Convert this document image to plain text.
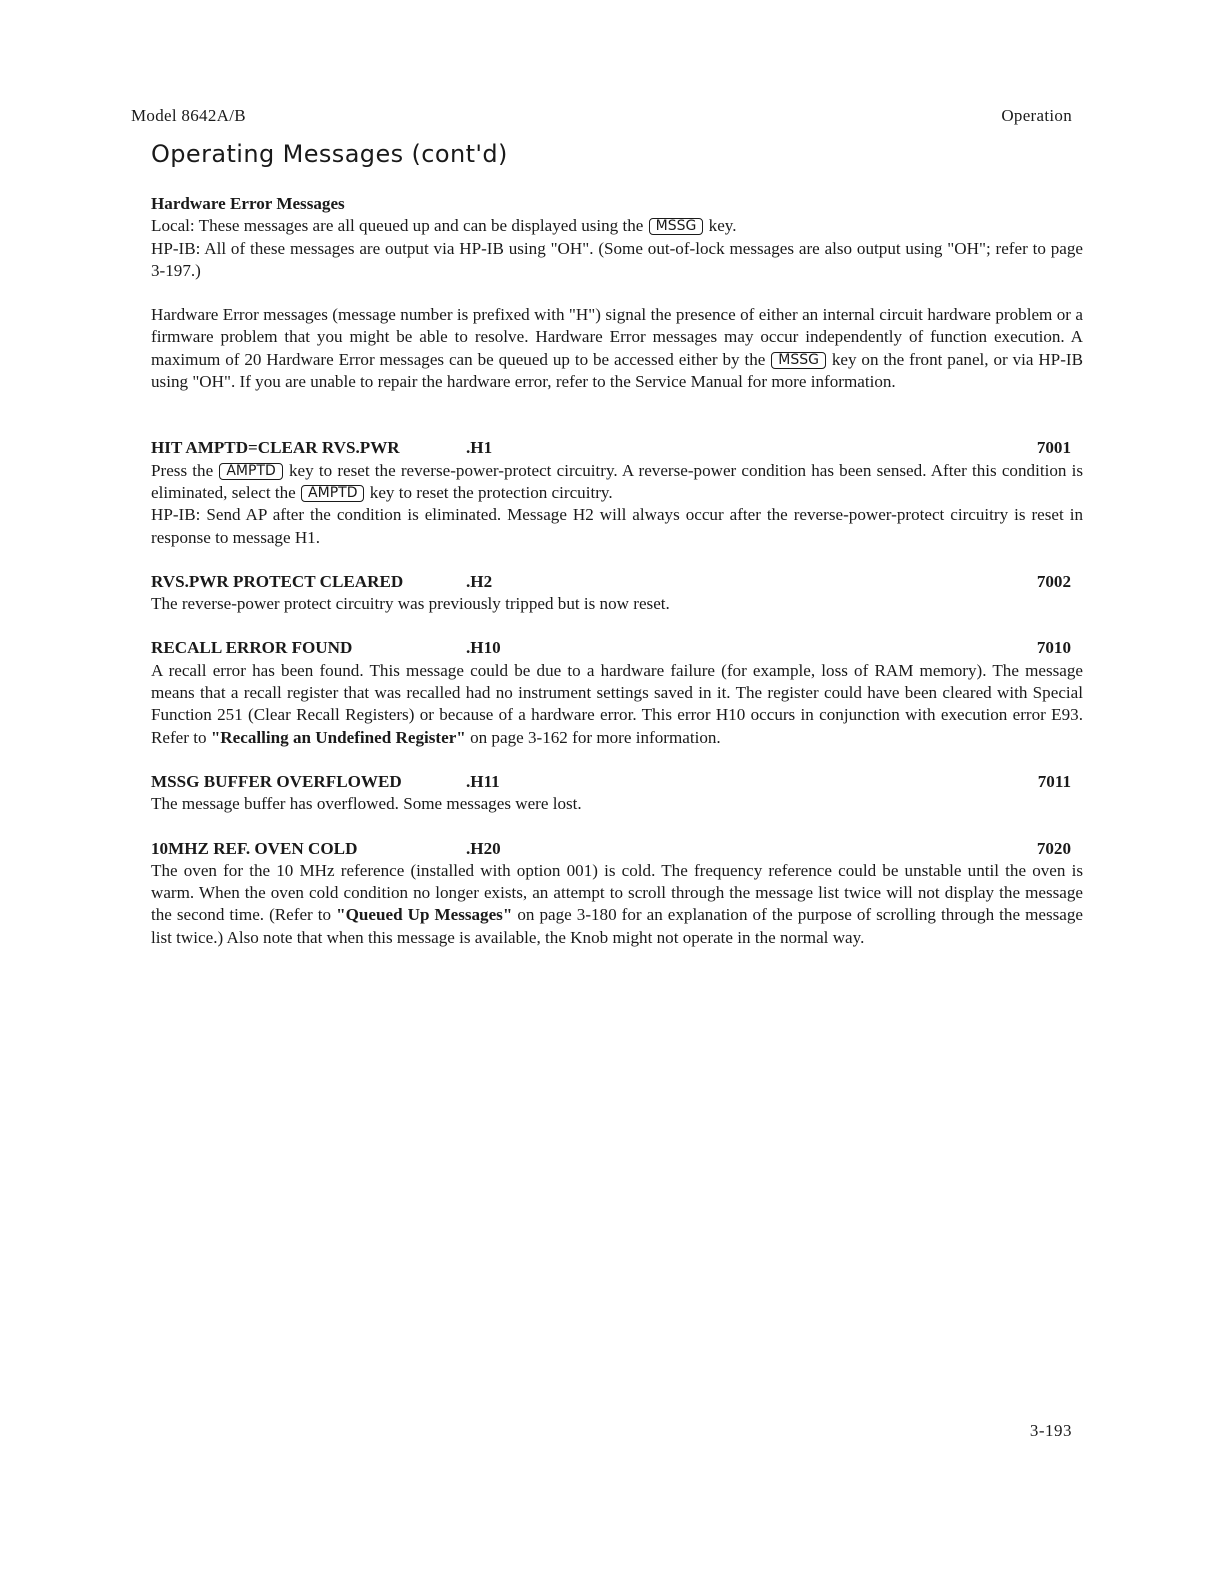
Model 8642A/B	Operation
Operating Messages (cont'd)

Hardware Error Messages

Local: These messages are all queued up and can be displayed using the MSSG key.

HP-IB: All of these messages are output via HP-IB using "OH". (Some out-of-lock messages are also output using "OH"; refer to page 3-197.)

Hardware Error messages (message number is prefixed with "H") signal the presence of either an internal circuit hardware problem or a firmware problem that you might be able to resolve. Hardware Error messages may occur independently of function execution. A maximum of 20 Hardware Error messages can be queued up to be accessed either by the MSSG key on the front panel, or via HP-IB using "OH". If you are unable to repair the hardware error, refer to the Service Manual for more information.

HIT AMPTD=CLEAR RVS.PWR	.H1	7001

Press the AMPTD key to reset the reverse-power-protect circuitry. A reverse-power condition has been sensed. After this condition is eliminated, select the AMPTD key to reset the protection circuitry.

HP-IB: Send AP after the condition is eliminated. Message H2 will always occur after the reverse-power-protect circuitry is reset in response to message H1.

RVS.PWR PROTECT CLEARED	.H2	7002

The reverse-power protect circuitry was previously tripped but is now reset.

RECALL ERROR FOUND	.H10	7010

A recall error has been found. This message could be due to a hardware failure (for example, loss of RAM memory). The message means that a recall register that was recalled had no instrument settings saved in it. The register could have been cleared with Special Function 251 (Clear Recall Registers) or because of a hardware error. This error H10 occurs in conjunction with execution error E93. Refer to "Recalling an Undefined Register" on page 3-162 for more information.

MSSG BUFFER OVERFLOWED	.H11	7011

The message buffer has overflowed. Some messages were lost.

10MHZ REF. OVEN COLD	.H20	7020

The oven for the 10 MHz reference (installed with option 001) is cold. The frequency reference could be unstable until the oven is warm. When the oven cold condition no longer exists, an attempt to scroll through the message list twice will not display the message the second time. (Refer to "Queued Up Messages" on page 3-180 for an explanation of the purpose of scrolling through the message list twice.) Also note that when this message is available, the Knob might not operate in the normal way.

3-193
